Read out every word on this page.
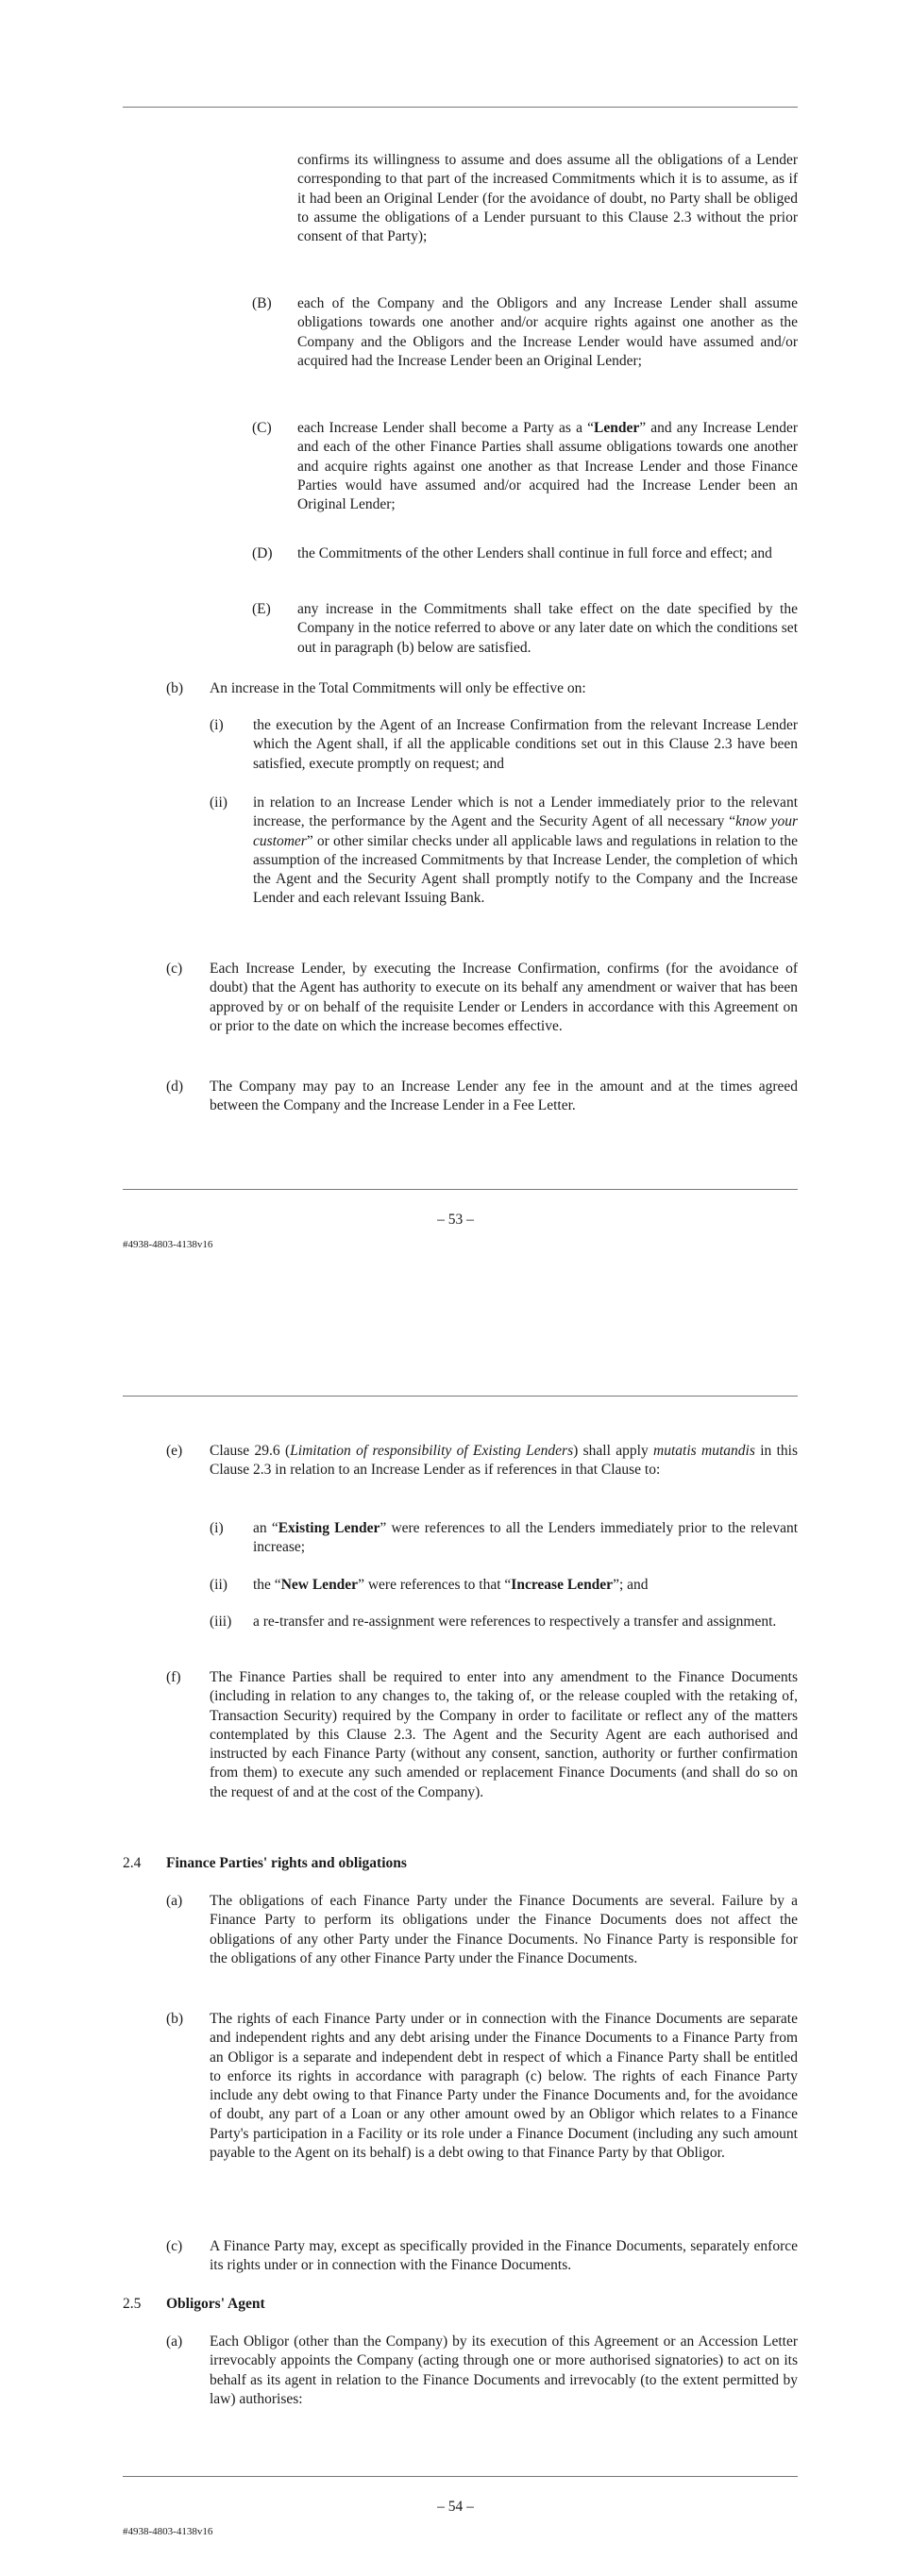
confirms its willingness to assume and does assume all the obligations of a Lender corresponding to that part of the increased Commitments which it is to assume, as if it had been an Original Lender (for the avoidance of doubt, no Party shall be obliged to assume the obligations of a Lender pursuant to this Clause 2.3 without the prior consent of that Party);

(B) each of the Company and the Obligors and any Increase Lender shall assume obligations towards one another and/or acquire rights against one another as the Company and the Obligors and the Increase Lender would have assumed and/or acquired had the Increase Lender been an Original Lender;

(C) each Increase Lender shall become a Party as a “Lender” and any Increase Lender and each of the other Finance Parties shall assume obligations towards one another and acquire rights against one another as that Increase Lender and those Finance Parties would have assumed and/or acquired had the Increase Lender been an Original Lender;

(D) the Commitments of the other Lenders shall continue in full force and effect; and

(E) any increase in the Commitments shall take effect on the date specified by the Company in the notice referred to above or any later date on which the conditions set out in paragraph (b) below are satisfied.

(b) An increase in the Total Commitments will only be effective on:

(i) the execution by the Agent of an Increase Confirmation from the relevant Increase Lender which the Agent shall, if all the applicable conditions set out in this Clause 2.3 have been satisfied, execute promptly on request; and

(ii) in relation to an Increase Lender which is not a Lender immediately prior to the relevant increase, the performance by the Agent and the Security Agent of all necessary “know your customer” or other similar checks under all applicable laws and regulations in relation to the assumption of the increased Commitments by that Increase Lender, the completion of which the Agent and the Security Agent shall promptly notify to the Company and the Increase Lender and each relevant Issuing Bank.

(c) Each Increase Lender, by executing the Increase Confirmation, confirms (for the avoidance of doubt) that the Agent has authority to execute on its behalf any amendment or waiver that has been approved by or on behalf of the requisite Lender or Lenders in accordance with this Agreement on or prior to the date on which the increase becomes effective.

(d) The Company may pay to an Increase Lender any fee in the amount and at the times agreed between the Company and the Increase Lender in a Fee Letter.

– 53 –
#4938-4803-4138v16
(e) Clause 29.6 (Limitation of responsibility of Existing Lenders) shall apply mutatis mutandis in this Clause 2.3 in relation to an Increase Lender as if references in that Clause to:

(i) an “Existing Lender” were references to all the Lenders immediately prior to the relevant increase;

(ii) the “New Lender” were references to that “Increase Lender”; and

(iii) a re-transfer and re-assignment were references to respectively a transfer and assignment.

(f) The Finance Parties shall be required to enter into any amendment to the Finance Documents (including in relation to any changes to, the taking of, or the release coupled with the retaking of, Transaction Security) required by the Company in order to facilitate or reflect any of the matters contemplated by this Clause 2.3. The Agent and the Security Agent are each authorised and instructed by each Finance Party (without any consent, sanction, authority or further confirmation from them) to execute any such amended or replacement Finance Documents (and shall do so on the request of and at the cost of the Company).

2.4 Finance Parties' rights and obligations
(a) The obligations of each Finance Party under the Finance Documents are several. Failure by a Finance Party to perform its obligations under the Finance Documents does not affect the obligations of any other Party under the Finance Documents. No Finance Party is responsible for the obligations of any other Finance Party under the Finance Documents.

(b) The rights of each Finance Party under or in connection with the Finance Documents are separate and independent rights and any debt arising under the Finance Documents to a Finance Party from an Obligor is a separate and independent debt in respect of which a Finance Party shall be entitled to enforce its rights in accordance with paragraph (c) below. The rights of each Finance Party include any debt owing to that Finance Party under the Finance Documents and, for the avoidance of doubt, any part of a Loan or any other amount owed by an Obligor which relates to a Finance Party's participation in a Facility or its role under a Finance Document (including any such amount payable to the Agent on its behalf) is a debt owing to that Finance Party by that Obligor.

(c) A Finance Party may, except as specifically provided in the Finance Documents, separately enforce its rights under or in connection with the Finance Documents.

2.5 Obligors' Agent
(a) Each Obligor (other than the Company) by its execution of this Agreement or an Accession Letter irrevocably appoints the Company (acting through one or more authorised signatories) to act on its behalf as its agent in relation to the Finance Documents and irrevocably (to the extent permitted by law) authorises:

– 54 –
#4938-4803-4138v16
